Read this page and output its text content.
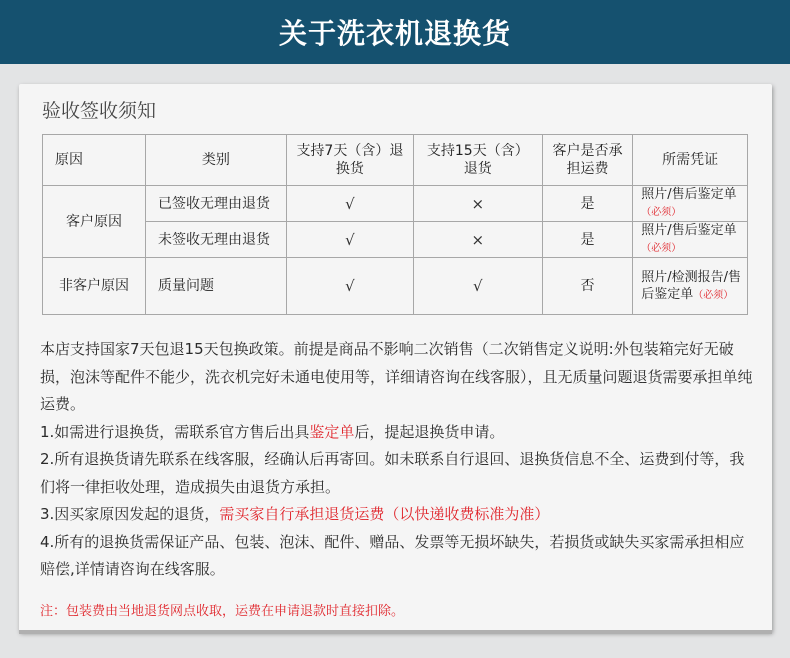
关于洗衣机退换货
验收签收须知
原因	类别	支持7天（含）退换货	支持15天（含）退货	客户是否承担运费	所需凭证
客户原因	已签收无理由退货	√	×	是	照片/售后鉴定单
（必须）
	未签收无理由退货	√	×	是	照片/售后鉴定单
（必须）
非客户原因	质量问题	√	√	否	照片/检测报告/售后鉴定单（必须）

本店支持国家7天包退15天包换政策。前提是商品不影响二次销售（二次销售定义说明:外包装箱完好无破损，泡沫等配件不能少，洗衣机完好未通电使用等，详细请咨询在线客服），且无质量问题退货需要承担单纯运费。

1.如需进行退换货，需联系官方售后出具鉴定单后，提起退换货申请。

2.所有退换货请先联系在线客服，经确认后再寄回。如未联系自行退回、退换货信息不全、运费到付等，我们将一律拒收处理，造成损失由退货方承担。

3.因买家原因发起的退货，需买家自行承担退货运费（以快递收费标准为准）

4.所有的退换货需保证产品、包装、泡沫、配件、赠品、发票等无损坏缺失，若损货或缺失买家需承担相应赔偿,详情请咨询在线客服。

注：包装费由当地退货网点收取，运费在申请退款时直接扣除。
